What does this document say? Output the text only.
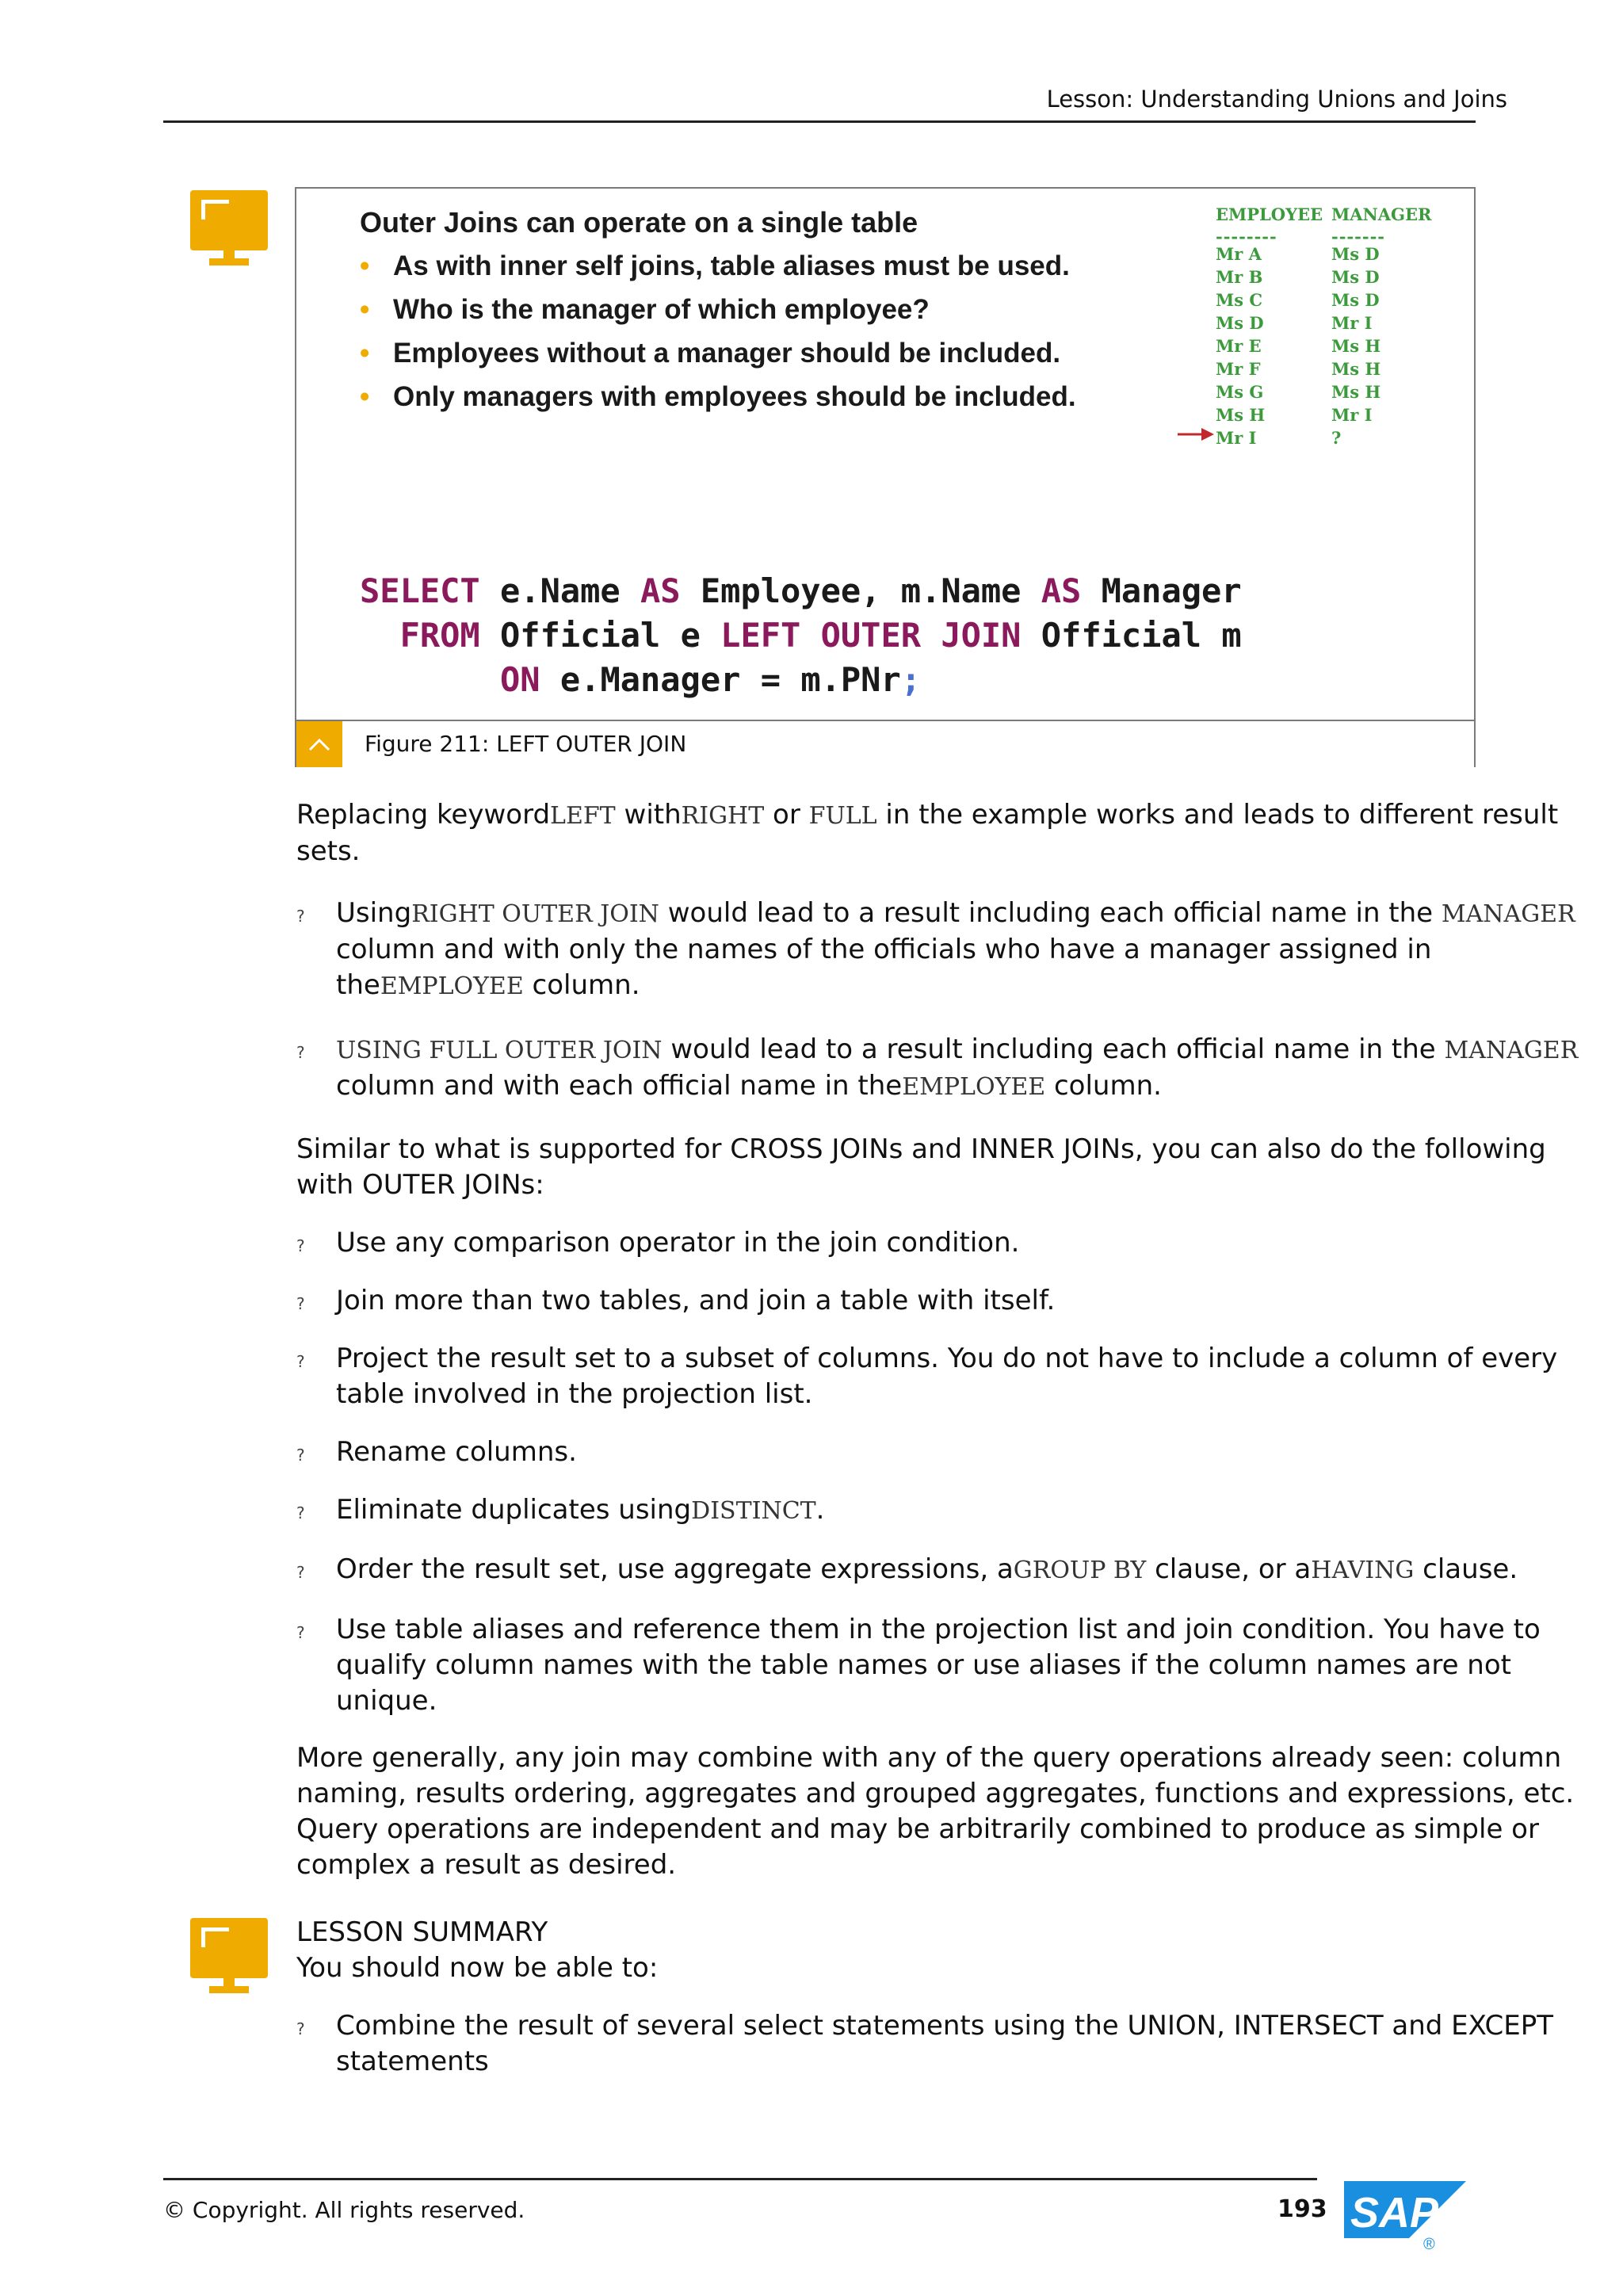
Lesson: Understanding Unions and Joins
Outer Joins can operate on a single table
• As with inner self joins, table aliases must be used.
• Who is the manager of which employee?
• Employees without a manager should be included.
• Only managers with employees should be included.
EMPLOYEE MANAGER
--------	-------
Mr A	Ms D
Mr B	Ms D
Ms C	Ms D
Ms D	Mr I
Mr E	Ms H
Mr F	Ms H
Ms G	Ms H
Ms H	Mr I
Mr I	?
SELECT e.Name AS Employee, m.Name AS Manager
FROM Official e LEFT OUTER JOIN Official m
ON e.Manager = m.PNr;
Figure 211: LEFT OUTER JOIN
Replacing keywordLEFT withRIGHT or FULL in the example works and leads to different result sets.
? UsingRIGHT OUTER JOIN would lead to a result including each official name in the MANAGER column and with only the names of the officials who have a manager assigned in theEMPLOYEE column.
? USING FULL OUTER JOIN would lead to a result including each official name in the MANAGER column and with each official name in theEMPLOYEE column.
Similar to what is supported for CROSS JOINs and INNER JOINs, you can also do the following with OUTER JOINs:
? Use any comparison operator in the join condition.
? Join more than two tables, and join a table with itself.
? Project the result set to a subset of columns. You do not have to include a column of every table involved in the projection list.
? Rename columns.
? Eliminate duplicates usingDISTINCT.
? Order the result set, use aggregate expressions, aGROUP BY clause, or aHAVING clause.
? Use table aliases and reference them in the projection list and join condition. You have to qualify column names with the table names or use aliases if the column names are not unique.
More generally, any join may combine with any of the query operations already seen: column naming, results ordering, aggregates and grouped aggregates, functions and expressions, etc. Query operations are independent and may be arbitrarily combined to produce as simple or complex a result as desired.
LESSON SUMMARY
You should now be able to:
? Combine the result of several select statements using the UNION, INTERSECT and EXCEPT statements
© Copyright. All rights reserved.	193 SAP
®
